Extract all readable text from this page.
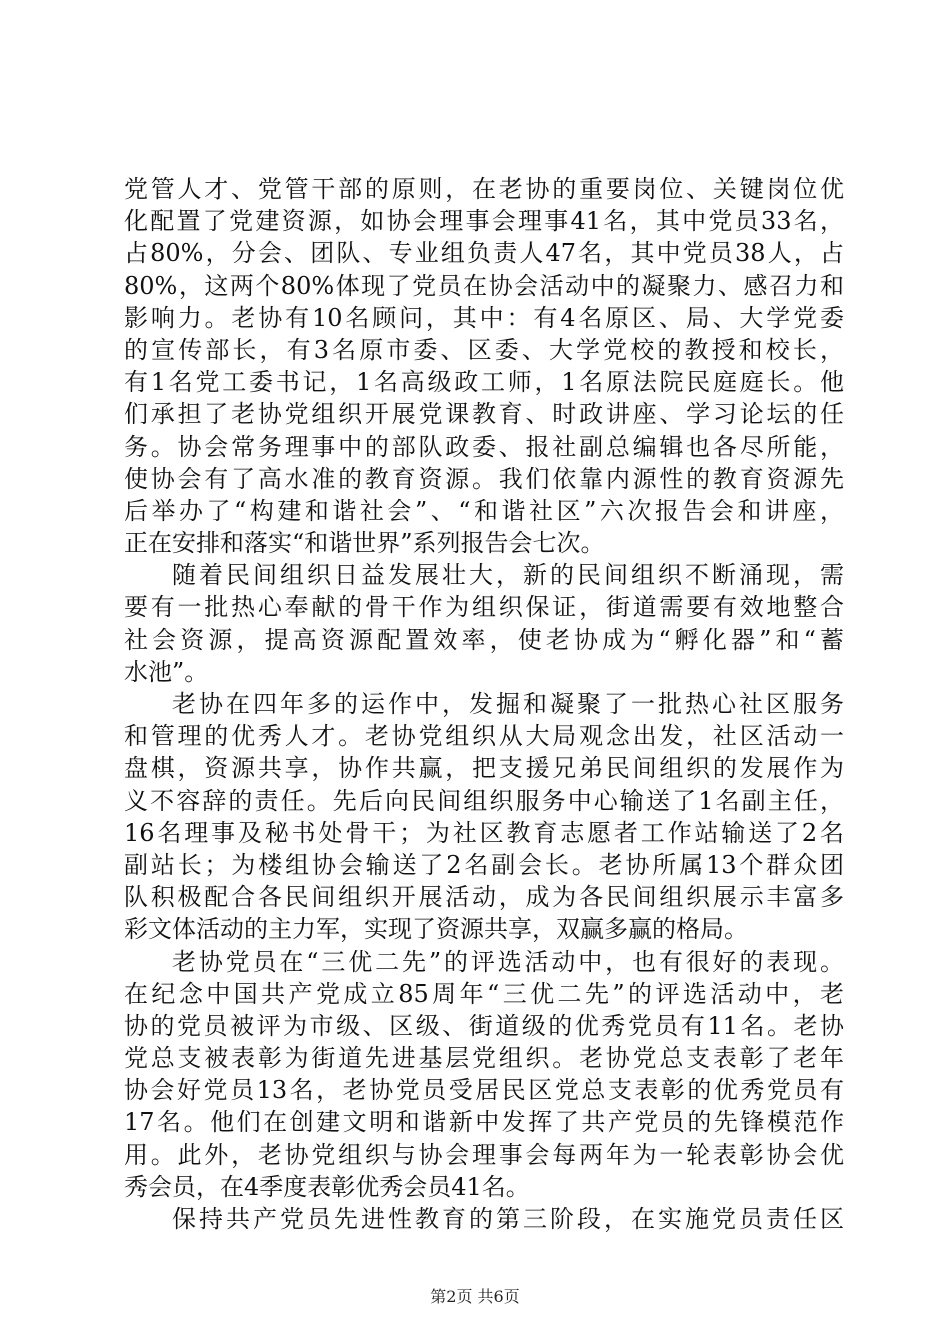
党管人才、党管干部的原则，在老协的重要岗位、关键岗位优
化配置了党建资源，如协会理事会理事41名，其中党员33名，
占80%，分会、团队、专业组负责人47名，其中党员38人，占
80%，这两个80%体现了党员在协会活动中的凝聚力、感召力和
影响力。老协有10名顾问，其中：有4名原区、局、大学党委
的宣传部长，有3名原市委、区委、大学党校的教授和校长，
有1名党工委书记，1名高级政工师，1名原法院民庭庭长。他
们承担了老协党组织开展党课教育、时政讲座、学习论坛的任
务。协会常务理事中的部队政委、报社副总编辑也各尽所能，
使协会有了高水准的教育资源。我们依靠内源性的教育资源先
后举办了“构建和谐社会”、“和谐社区”六次报告会和讲座，
正在安排和落实“和谐世界”系列报告会七次。
随着民间组织日益发展壮大，新的民间组织不断涌现，需
要有一批热心奉献的骨干作为组织保证，街道需要有效地整合
社会资源，提高资源配置效率，使老协成为“孵化器”和“蓄
水池”。
老协在四年多的运作中，发掘和凝聚了一批热心社区服务
和管理的优秀人才。老协党组织从大局观念出发，社区活动一
盘棋，资源共享，协作共赢，把支援兄弟民间组织的发展作为
义不容辞的责任。先后向民间组织服务中心输送了1名副主任，
16名理事及秘书处骨干；为社区教育志愿者工作站输送了2名
副站长；为楼组协会输送了2名副会长。老协所属13个群众团
队积极配合各民间组织开展活动，成为各民间组织展示丰富多
彩文体活动的主力军，实现了资源共享，双赢多赢的格局。
老协党员在“三优二先”的评选活动中，也有很好的表现。
在纪念中国共产党成立85周年“三优二先”的评选活动中，老
协的党员被评为市级、区级、街道级的优秀党员有11名。老协
党总支被表彰为街道先进基层党组织。老协党总支表彰了老年
协会好党员13名，老协党员受居民区党总支表彰的优秀党员有
17名。他们在创建文明和谐新中发挥了共产党员的先锋模范作
用。此外，老协党组织与协会理事会每两年为一轮表彰协会优
秀会员，在4季度表彰优秀会员41名。
保持共产党员先进性教育的第三阶段，在实施党员责任区
第2页 共6页
